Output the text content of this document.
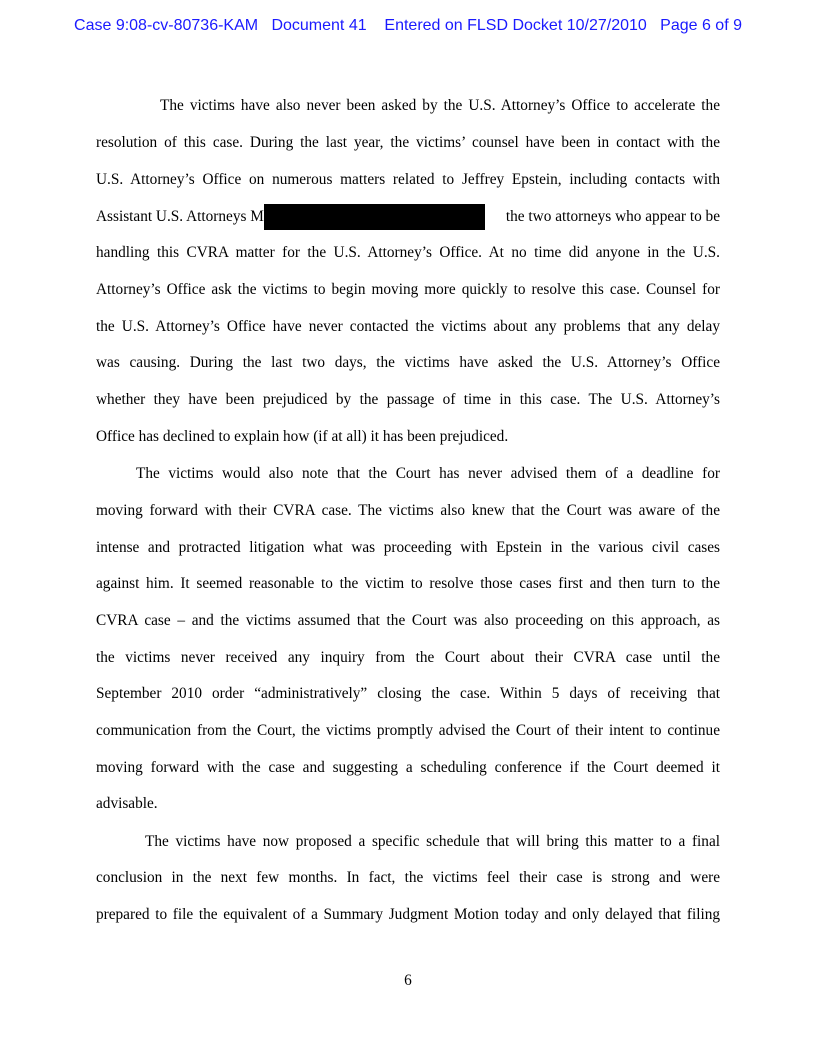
Case 9:08-cv-80736-KAM Document 41 Entered on FLSD Docket 10/27/2010 Page 6 of 9
The victims have also never been asked by the U.S. Attorney’s Office to accelerate the
resolution of this case. During the last year, the victims’ counsel have been in contact with the
U.S. Attorney’s Office on numerous matters related to Jeffrey Epstein, including contacts with
Assistant U.S. Attorneys M	the two attorneys who appear to be
handling this CVRA matter for the U.S. Attorney’s Office. At no time did anyone in the U.S.
Attorney’s Office ask the victims to begin moving more quickly to resolve this case. Counsel for
the U.S. Attorney’s Office have never contacted the victims about any problems that any delay
was causing. During the last two days, the victims have asked the U.S. Attorney’s Office
whether they have been prejudiced by the passage of time in this case. The U.S. Attorney’s
Office has declined to explain how (if at all) it has been prejudiced.
The victims would also note that the Court has never advised them of a deadline for
moving forward with their CVRA case. The victims also knew that the Court was aware of the
intense and protracted litigation what was proceeding with Epstein in the various civil cases
against him. It seemed reasonable to the victim to resolve those cases first and then turn to the
CVRA case – and the victims assumed that the Court was also proceeding on this approach, as
the victims never received any inquiry from the Court about their CVRA case until the
September 2010 order “administratively” closing the case. Within 5 days of receiving that
communication from the Court, the victims promptly advised the Court of their intent to continue
moving forward with the case and suggesting a scheduling conference if the Court deemed it
advisable.
The victims have now proposed a specific schedule that will bring this matter to a final
conclusion in the next few months. In fact, the victims feel their case is strong and were
prepared to file the equivalent of a Summary Judgment Motion today and only delayed that filing
6
